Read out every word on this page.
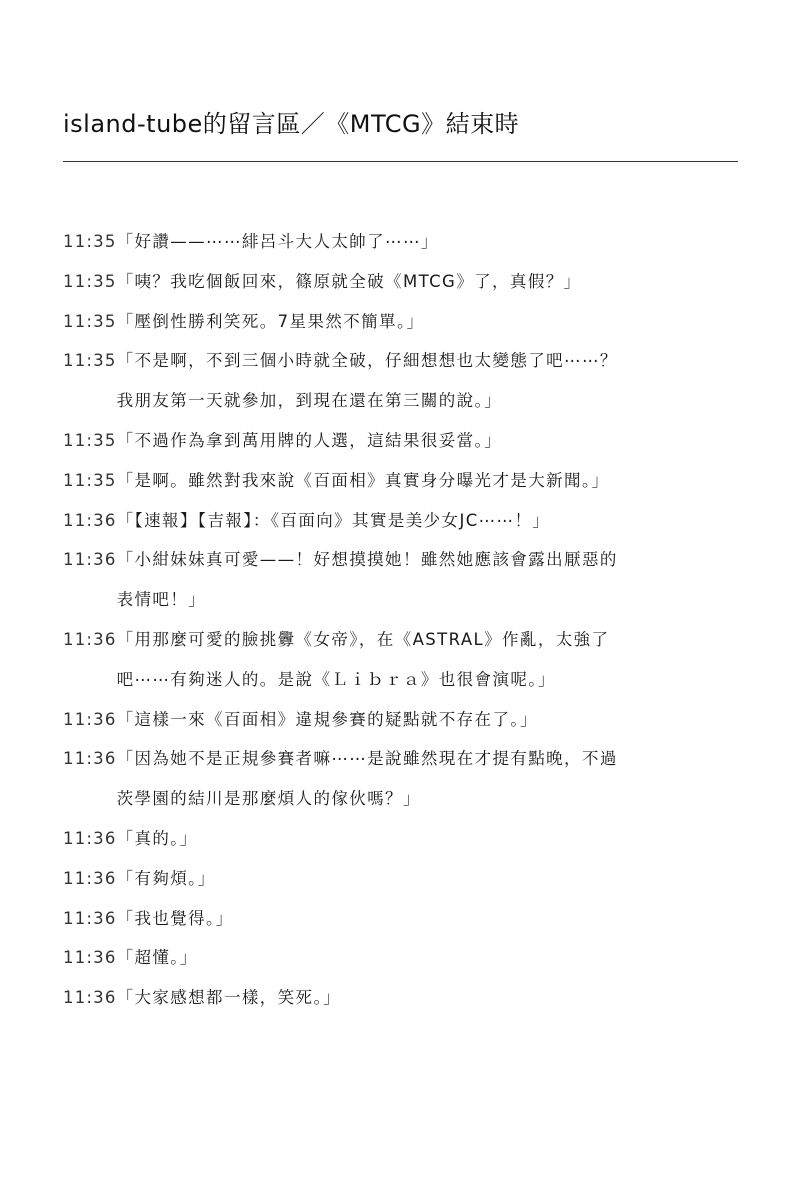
island-tube的留言區／《MTCG》結束時
11:35 「好讚——⋯⋯緋呂斗大人太帥了⋯⋯」
11:35 「咦？我吃個飯回來，篠原就全破《MTCG》了，真假？」
11:35 「壓倒性勝利笑死。7星果然不簡單。」
11:35 「不是啊，不到三個小時就全破，仔細想想也太變態了吧⋯⋯？
我朋友第一天就參加，到現在還在第三關的說。」
11:35 「不過作為拿到萬用牌的人選，這結果很妥當。」
11:35 「是啊。雖然對我來說《百面相》真實身分曝光才是大新聞。」
11:36 「【速報】【吉報】：《百面向》其實是美少女JC⋯⋯！」
11:36 「小紺妹妹真可愛——！好想摸摸她！雖然她應該會露出厭惡的
表情吧！」
11:36 「用那麼可愛的臉挑釁《女帝》，在《ASTRAL》作亂，太強了
吧⋯⋯有夠迷人的。是說《Ｌｉｂｒａ》也很會演呢。」
11:36 「這樣一來《百面相》違規參賽的疑點就不存在了。」
11:36 「因為她不是正規參賽者嘛⋯⋯是說雖然現在才提有點晚，不過
茨學園的結川是那麼煩人的傢伙嗎？」
11:36 「真的。」
11:36 「有夠煩。」
11:36 「我也覺得。」
11:36 「超懂。」
11:36 「大家感想都一樣，笑死。」
